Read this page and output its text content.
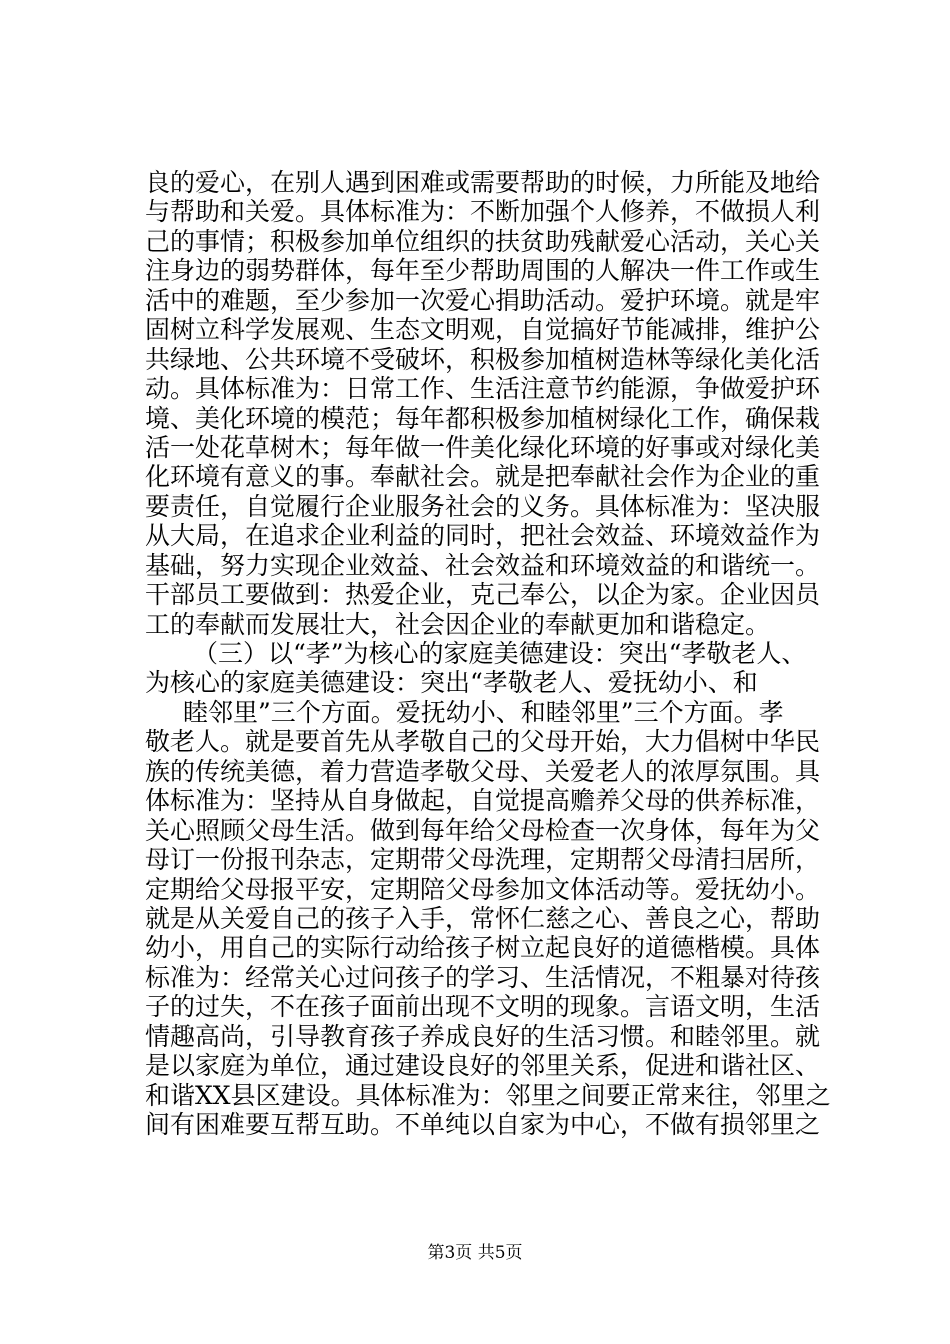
良的爱心，在别人遇到困难或需要帮助的时候，力所能及地给
与帮助和关爱。具体标准为：不断加强个人修养，不做损人利
己的事情；积极参加单位组织的扶贫助残献爱心活动，关心关
注身边的弱势群体，每年至少帮助周围的人解决一件工作或生
活中的难题，至少参加一次爱心捐助活动。爱护环境。就是牢
固树立科学发展观、生态文明观，自觉搞好节能减排，维护公
共绿地、公共环境不受破坏，积极参加植树造林等绿化美化活
动。具体标准为：日常工作、生活注意节约能源，争做爱护环
境、美化环境的模范；每年都积极参加植树绿化工作，确保栽
活一处花草树木；每年做一件美化绿化环境的好事或对绿化美
化环境有意义的事。奉献社会。就是把奉献社会作为企业的重
要责任，自觉履行企业服务社会的义务。具体标准为：坚决服
从大局，在追求企业利益的同时，把社会效益、环境效益作为
基础，努力实现企业效益、社会效益和环境效益的和谐统一。
干部员工要做到：热爱企业，克己奉公，以企为家。企业因员
工的奉献而发展壮大，社会因企业的奉献更加和谐稳定。
（三）以“孝”为核心的家庭美德建设：突出“孝敬老人、
为核心的家庭美德建设：突出“孝敬老人、爱抚幼小、和
睦邻里”三个方面。爱抚幼小、和睦邻里”三个方面。孝
敬老人。就是要首先从孝敬自己的父母开始，大力倡树中华民
族的传统美德，着力营造孝敬父母、关爱老人的浓厚氛围。具
体标准为：坚持从自身做起，自觉提高赡养父母的供养标准，
关心照顾父母生活。做到每年给父母检查一次身体，每年为父
母订一份报刊杂志，定期带父母洗理，定期帮父母清扫居所，
定期给父母报平安，定期陪父母参加文体活动等。爱抚幼小。
就是从关爱自己的孩子入手，常怀仁慈之心、善良之心，帮助
幼小，用自己的实际行动给孩子树立起良好的道德楷模。具体
标准为：经常关心过问孩子的学习、生活情况，不粗暴对待孩
子的过失，不在孩子面前出现不文明的现象。言语文明，生活
情趣高尚，引导教育孩子养成良好的生活习惯。和睦邻里。就
是以家庭为单位，通过建设良好的邻里关系，促进和谐社区、
和谐XX县区建设。具体标准为：邻里之间要正常来往，邻里之
间有困难要互帮互助。不单纯以自家为中心，不做有损邻里之
第3页 共5页
